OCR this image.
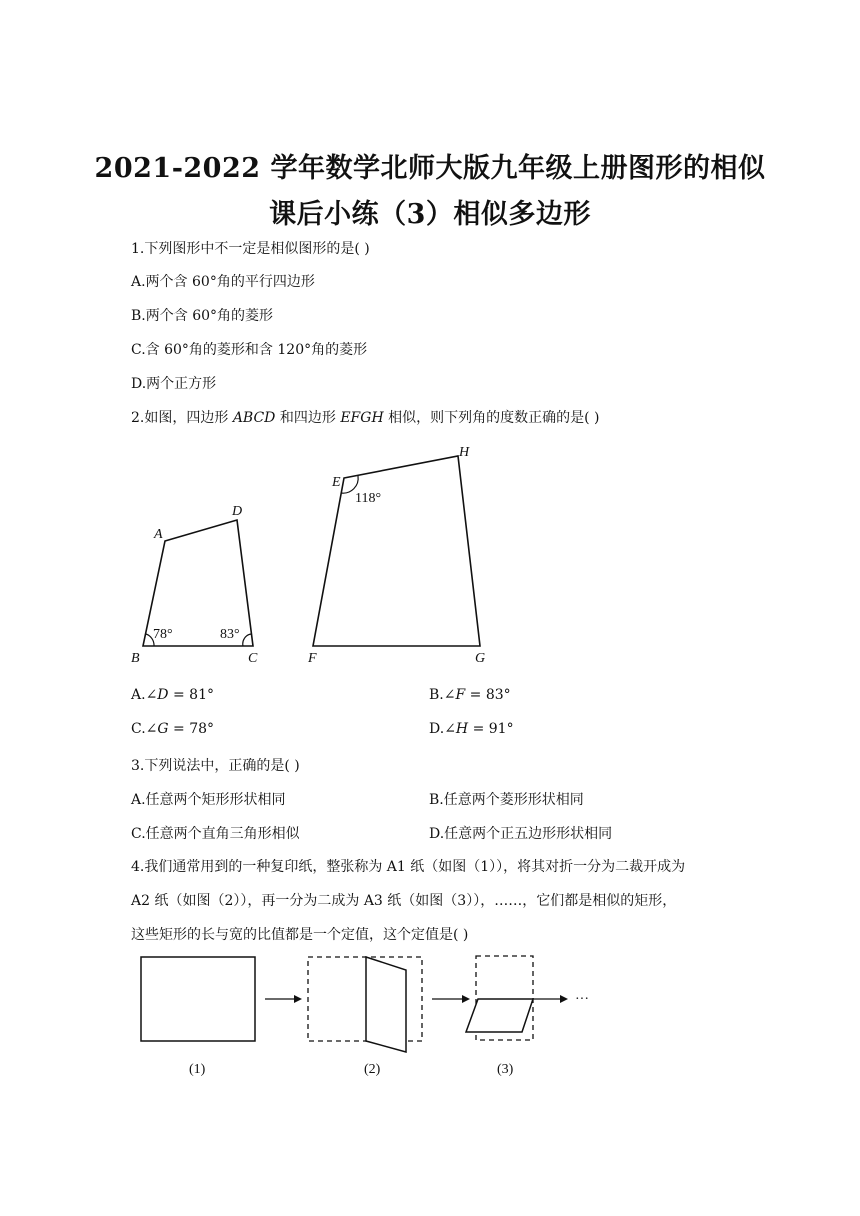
2021-2022 学年数学北师大版九年级上册图形的相似
课后小练（3）相似多边形
1.下列图形中不一定是相似图形的是( )
A.两个含 60°角的平行四边形
B.两个含 60°角的菱形
C.含 60°角的菱形和含 120°角的菱形
D.两个正方形
2.如图，四边形 ABCD 和四边形 EFGH 相似，则下列角的度数正确的是( )
A
D
B	C
78°	83°
E
H
F	G
118°
···
(1)	(2)	(3)
A.∠D = 81°	B.∠F = 83°
C.∠G = 78°	D.∠H = 91°
3.下列说法中，正确的是( )
A.任意两个矩形形状相同	B.任意两个菱形形状相同
C.任意两个直角三角形相似	D.任意两个正五边形形状相同
4.我们通常用到的一种复印纸，整张称为 A1 纸（如图（1）），将其对折一分为二裁开成为
A2 纸（如图（2）），再一分为二成为 A3 纸（如图（3）），……，它们都是相似的矩形，
这些矩形的长与宽的比值都是一个定值，这个定值是( )
